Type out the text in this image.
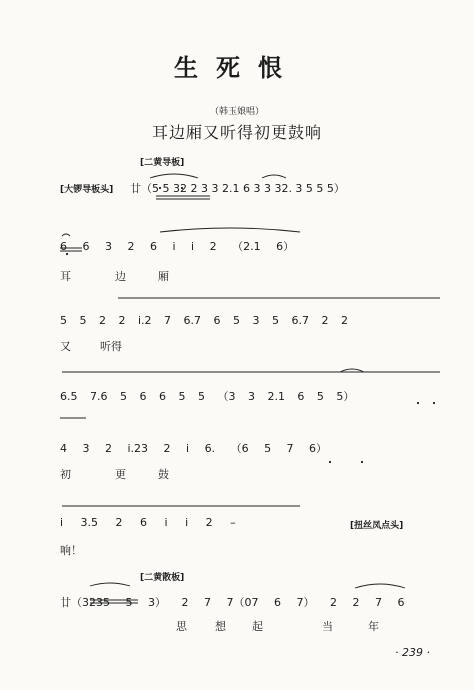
生死恨
（韩玉娘唱）
耳边厢又听得初更鼓响
[二黄导板]
[大锣导板头] 廿（5 5 32 2 3 3 2.1 6 3 3 32. 3 5 5 5）
6 6 3 2 6 i i 2 （2.1 6）
耳	边	厢
5 5 2 2 i.2 7 6.7 6 5 3 5 6.7 2 2
又	听得
6.5 7.6 5 6 6 5 5 （3 3 2.1 6 5 5）
4 3 2 i.23 2 i 6. （6 5 7 6）
初	更	鼓
i 3.5 2 6 i i 2 –	[扭丝凤点头]
响！
[二黄散板]
廿（3235 5 3） 2 7 7（07 6 7） 2 2 7 6
思	想 起	当	年
· 239 ·
